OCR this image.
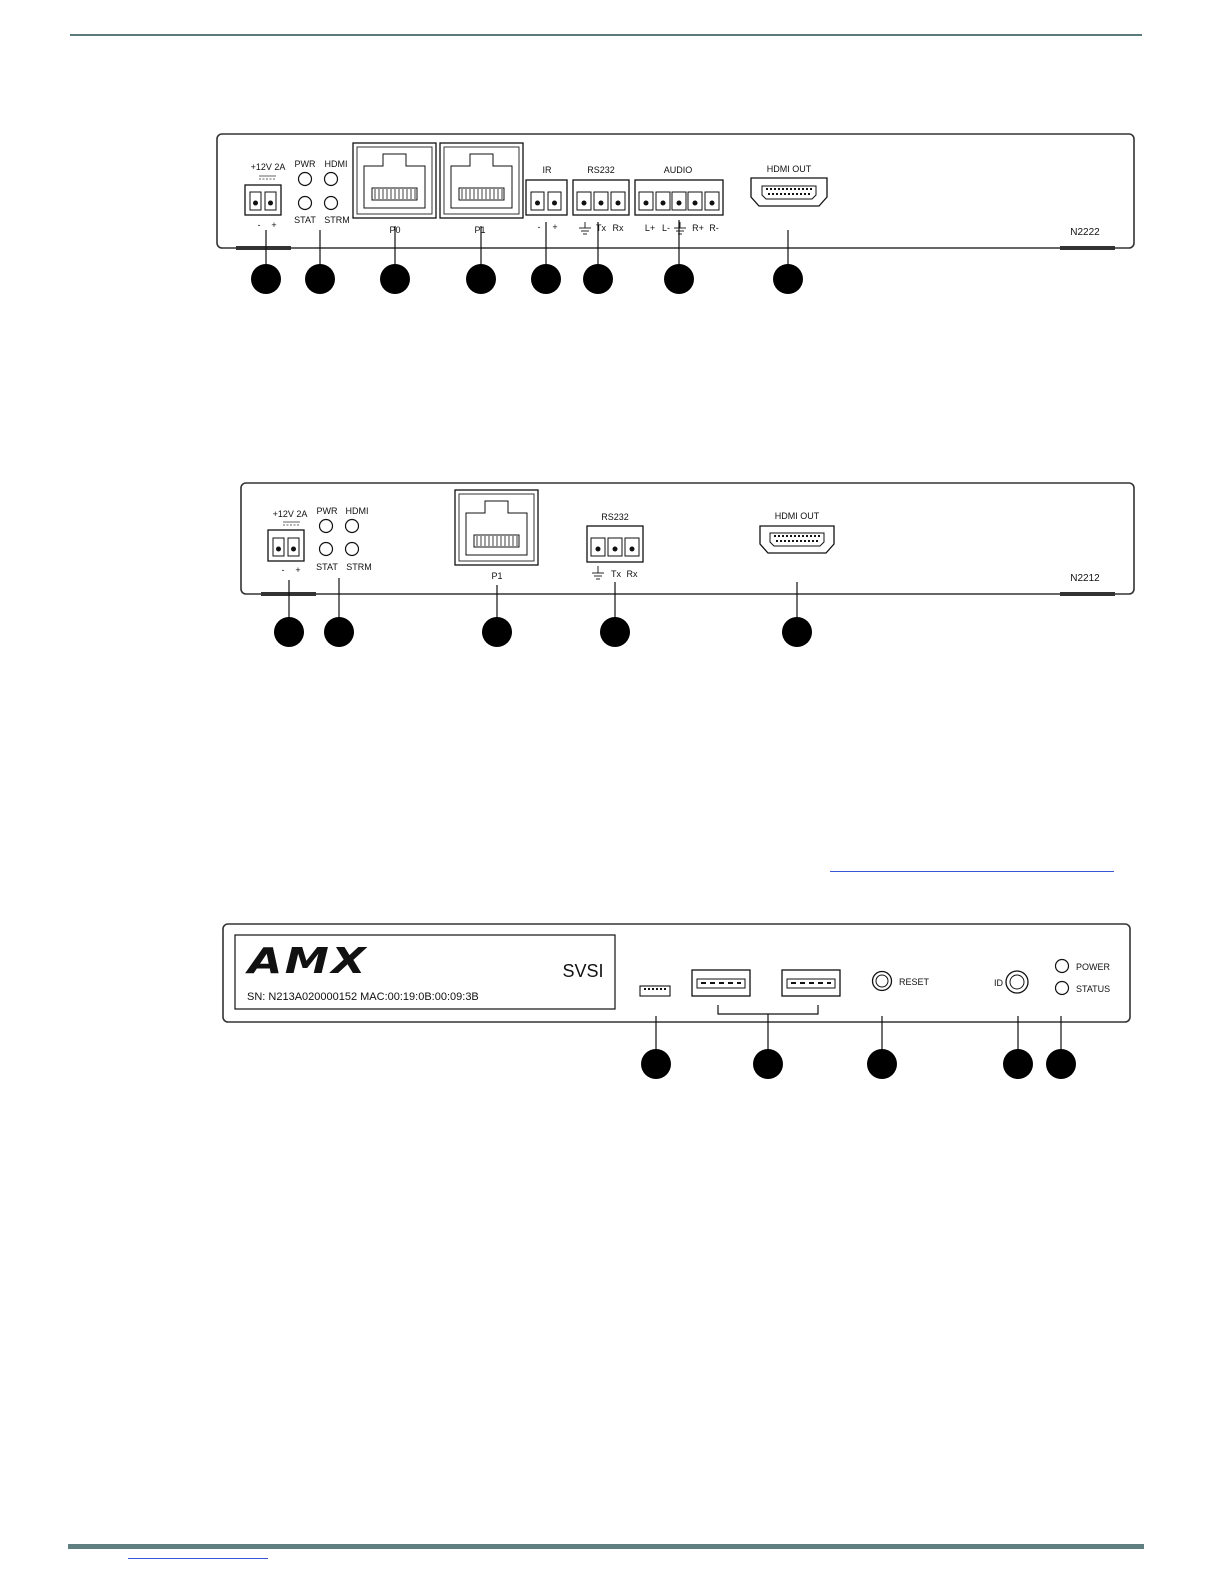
+12V 2A
- +
PWR HDMI
STAT STRM
P0	P1
IR
- +
RS232
Tx Rx
AUDIO
L+ L- R+ R-
HDMI OUT
N2222
+12V 2A
- +
PWR HDMI
STAT STRM
P1
RS232
Tx Rx
HDMI OUT
N2212
AMX	SVSI
SN: N213A020000152 MAC:00:19:0B:00:09:3B
RESET	ID
POWER
STATUS
